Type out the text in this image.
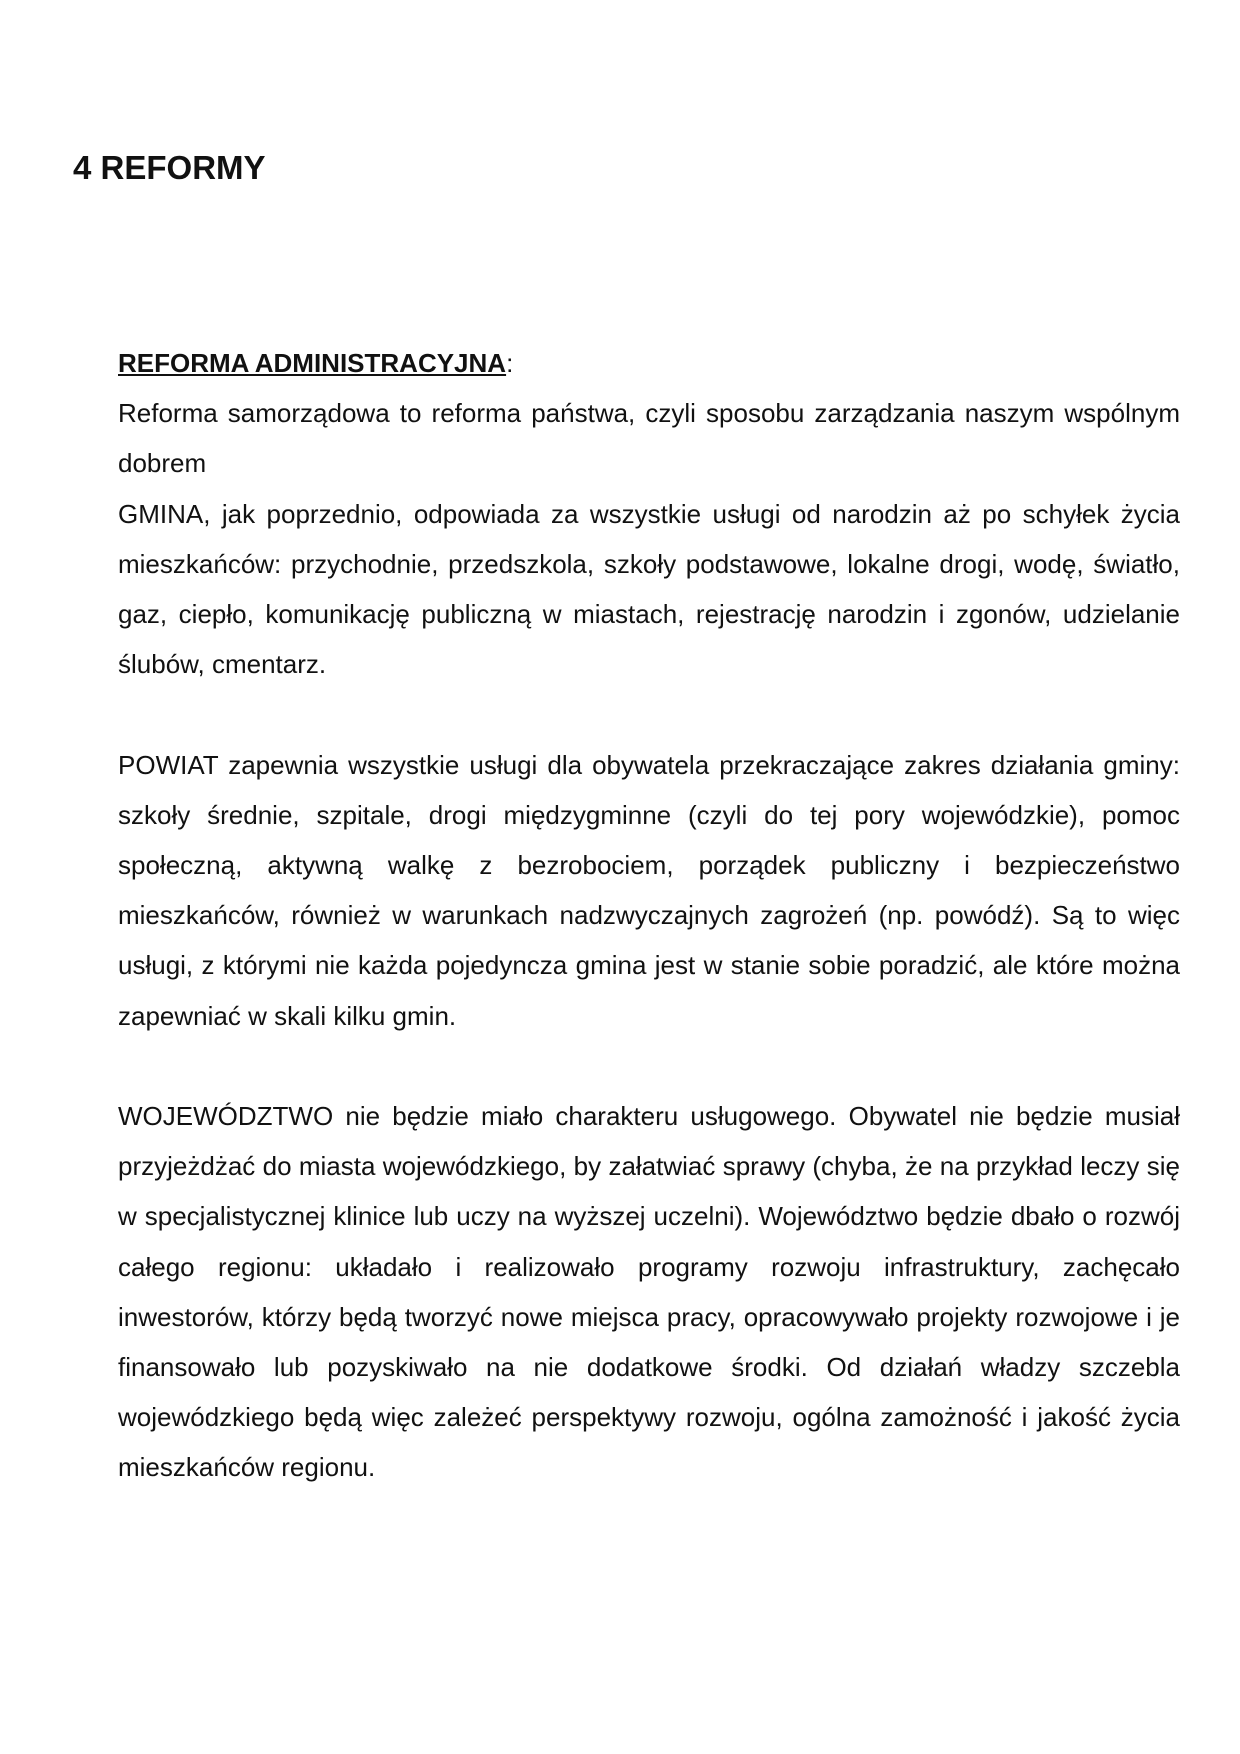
4 REFORMY
REFORMA ADMINISTRACYJNA:

Reforma samorządowa to reforma państwa, czyli sposobu zarządzania naszym wspólnym dobrem

GMINA, jak poprzednio, odpowiada za wszystkie usługi od narodzin aż po schyłek życia mieszkańców: przychodnie, przedszkola, szkoły podstawowe, lokalne drogi, wodę, światło, gaz, ciepło, komunikację publiczną w miastach, rejestrację narodzin i zgonów, udzielanie ślubów, cmentarz.

POWIAT zapewnia wszystkie usługi dla obywatela przekraczające zakres działania gminy: szkoły średnie, szpitale, drogi międzygminne (czyli do tej pory wojewódzkie), pomoc społeczną, aktywną walkę z bezrobociem, porządek publiczny i bezpieczeństwo mieszkańców, również w warunkach nadzwyczajnych zagrożeń (np. powódź). Są to więc usługi, z którymi nie każda pojedyncza gmina jest w stanie sobie poradzić, ale które można zapewniać w skali kilku gmin.

WOJEWÓDZTWO nie będzie miało charakteru usługowego. Obywatel nie będzie musiał przyjeżdżać do miasta wojewódzkiego, by załatwiać sprawy (chyba, że na przykład leczy się w specjalistycznej klinice lub uczy na wyższej uczelni). Województwo będzie dbało o rozwój całego regionu: układało i realizowało programy rozwoju infrastruktury, zachęcało inwestorów, którzy będą tworzyć nowe miejsca pracy, opracowywało projekty rozwojowe i je finansowało lub pozyskiwało na nie dodatkowe środki. Od działań władzy szczebla wojewódzkiego będą więc zależeć perspektywy rozwoju, ogólna zamożność i jakość życia mieszkańców regionu.
